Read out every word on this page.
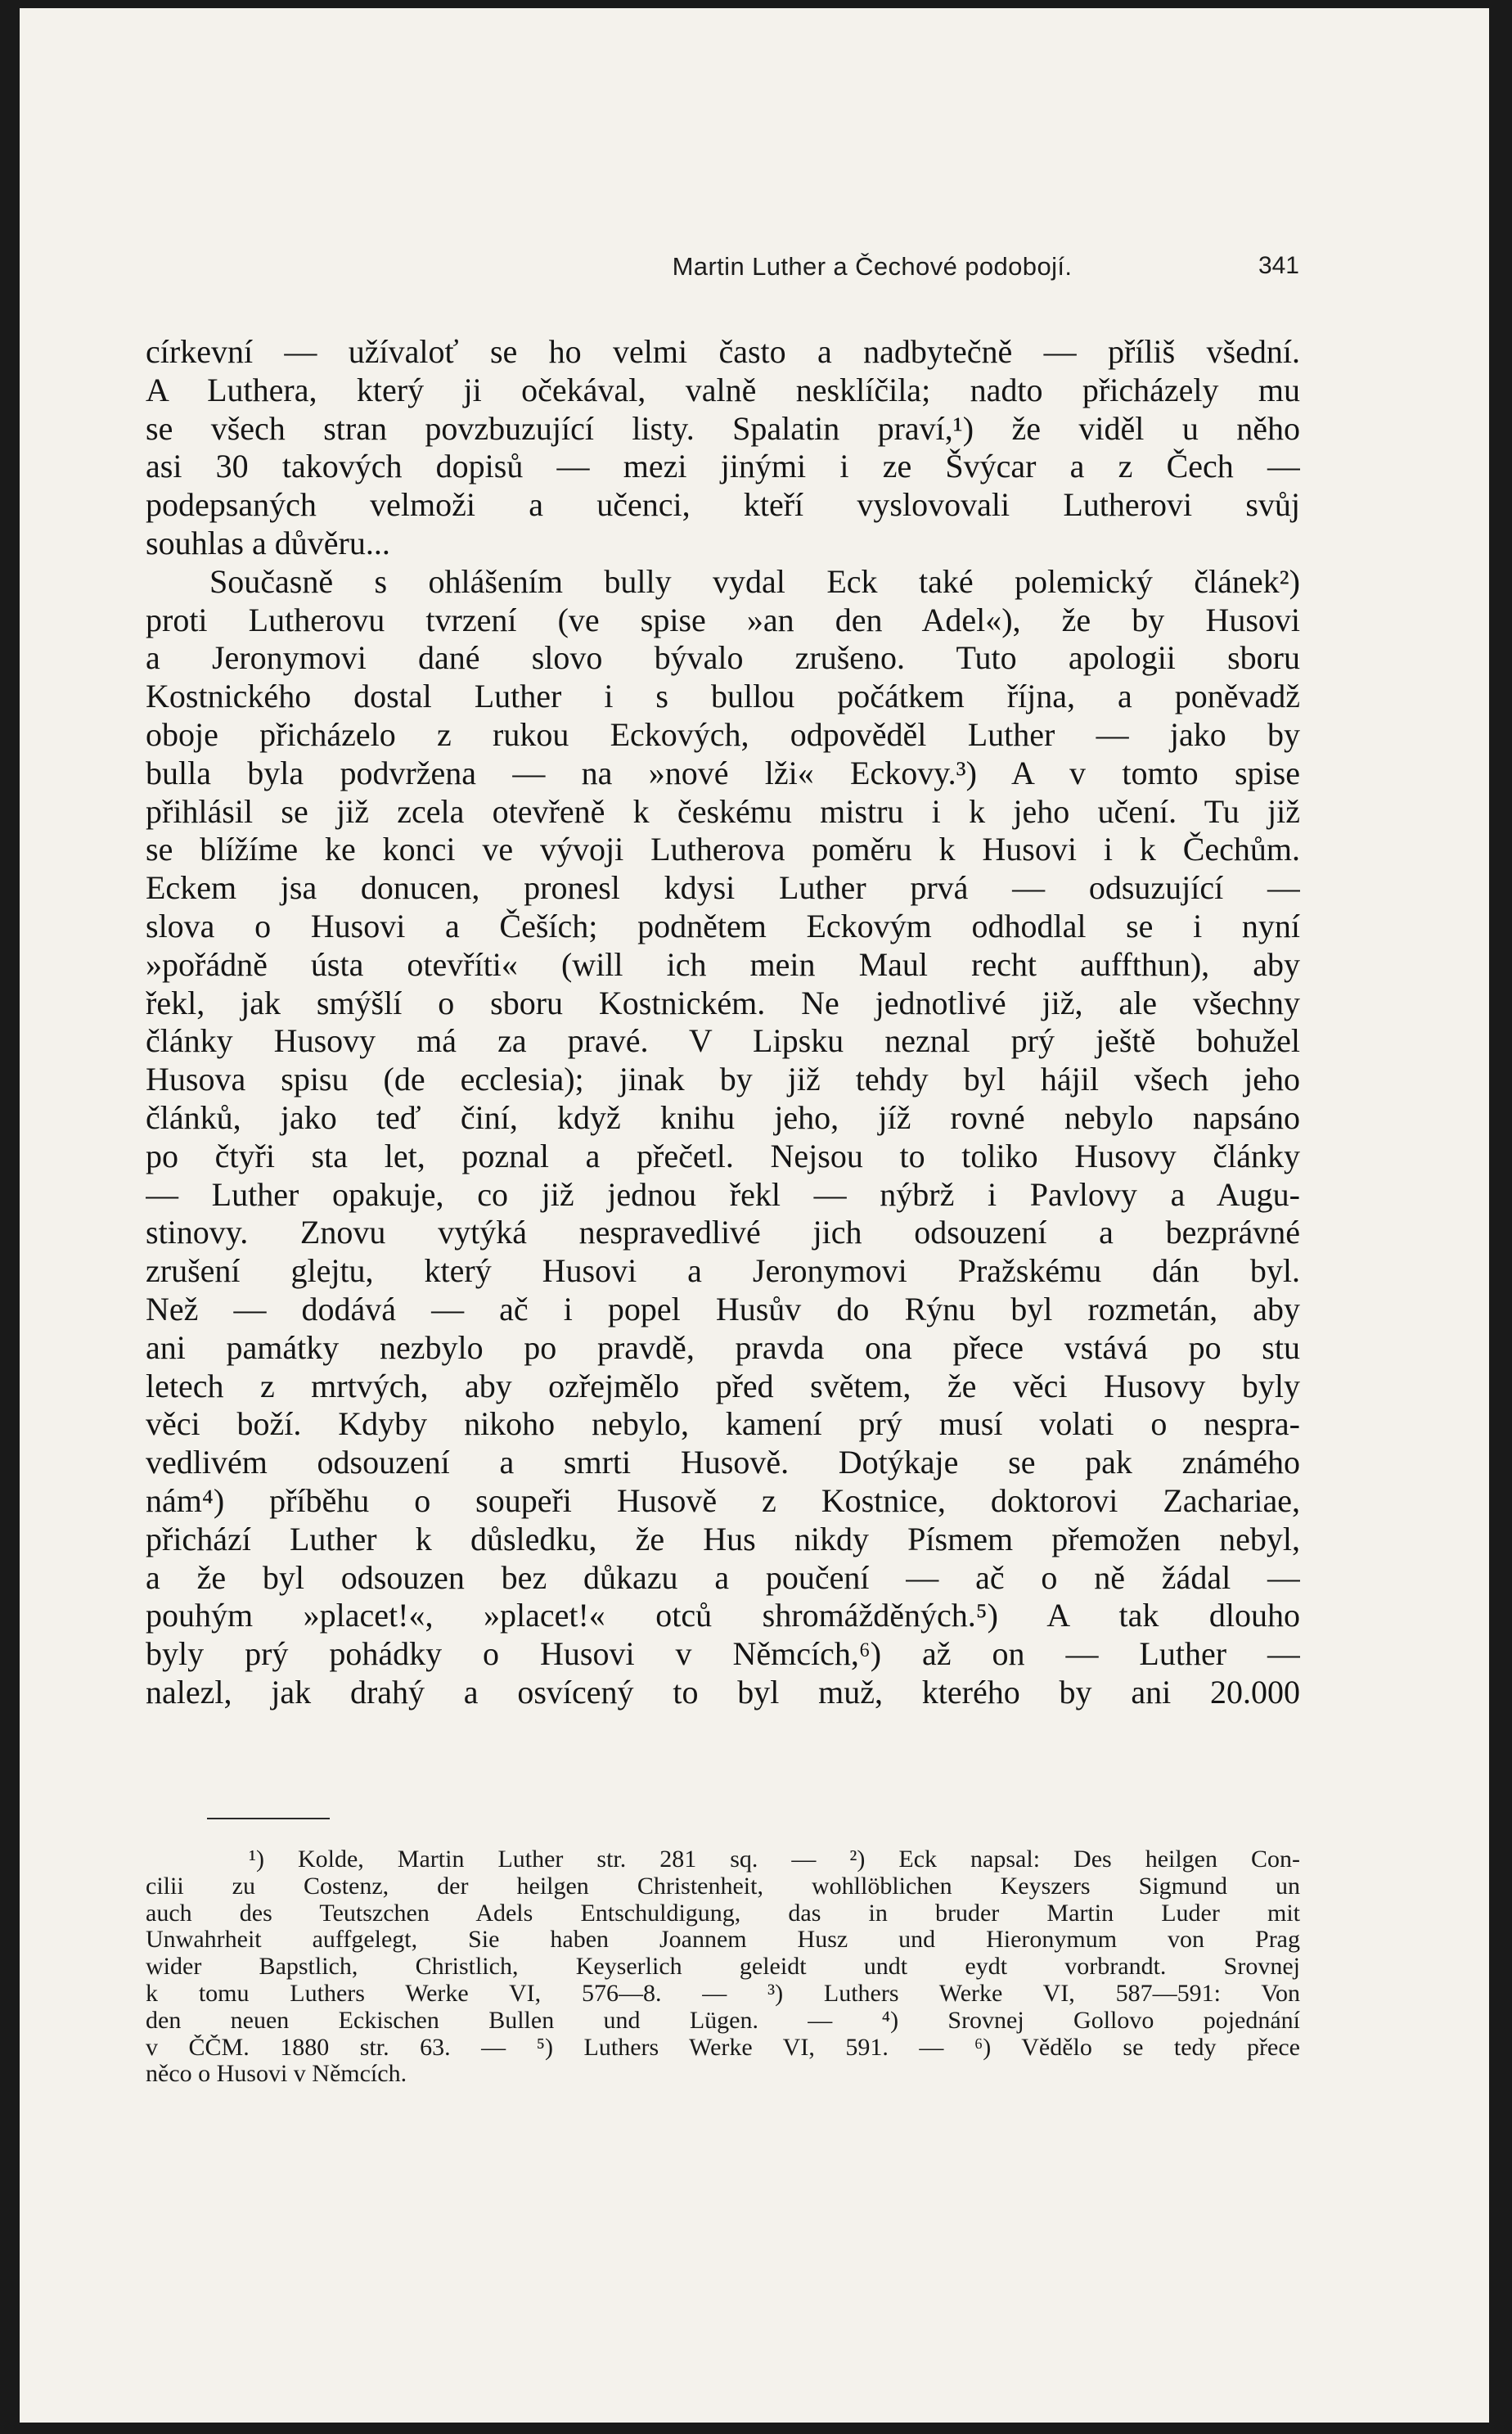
Martin Luther a Čechové podobojí.	341
církevní — užívaloť se ho velmi často a nadbytečně — příliš všední.
A Luthera, který ji očekával, valně nesklíčila; nadto přicházely mu
se všech stran povzbuzující listy. Spalatin praví,¹) že viděl u něho
asi 30 takových dopisů — mezi jinými i ze Švýcar a z Čech —
podepsaných velmoži a učenci, kteří vyslovovali Lutherovi svůj
souhlas a důvěru...
Současně s ohlášením bully vydal Eck také polemický článek²)
proti Lutherovu tvrzení (ve spise »an den Adel«), že by Husovi
a Jeronymovi dané slovo bývalo zrušeno. Tuto apologii sboru
Kostnického dostal Luther i s bullou počátkem října, a poněvadž
oboje přicházelo z rukou Eckových, odpověděl Luther — jako by
bulla byla podvržena — na »nové lži« Eckovy.³) A v tomto spise
přihlásil se již zcela otevřeně k českému mistru i k jeho učení. Tu již
se blížíme ke konci ve vývoji Lutherova poměru k Husovi i k Čechům.
Eckem jsa donucen, pronesl kdysi Luther prvá — odsuzující —
slova o Husovi a Češích; podnětem Eckovým odhodlal se i nyní
»pořádně ústa otevříti« (will ich mein Maul recht auffthun), aby
řekl, jak smýšlí o sboru Kostnickém. Ne jednotlivé již, ale všechny
články Husovy má za pravé. V Lipsku neznal prý ještě bohužel
Husova spisu (de ecclesia); jinak by již tehdy byl hájil všech jeho
článků, jako teď činí, když knihu jeho, jíž rovné nebylo napsáno
po čtyři sta let, poznal a přečetl. Nejsou to toliko Husovy články
— Luther opakuje, co již jednou řekl — nýbrž i Pavlovy a Augu-
stinovy. Znovu vytýká nespravedlivé jich odsouzení a bezprávné
zrušení glejtu, který Husovi a Jeronymovi Pražskému dán byl.
Než — dodává — ač i popel Husův do Rýnu byl rozmetán, aby
ani památky nezbylo po pravdě, pravda ona přece vstává po stu
letech z mrtvých, aby ozřejmělo před světem, že věci Husovy byly
věci boží. Kdyby nikoho nebylo, kamení prý musí volati o nespra-
vedlivém odsouzení a smrti Husově. Dotýkaje se pak známého
nám⁴) příběhu o soupeři Husově z Kostnice, doktorovi Zachariae,
přichází Luther k důsledku, že Hus nikdy Písmem přemožen nebyl,
a že byl odsouzen bez důkazu a poučení — ač o ně žádal —
pouhým »placet!«, »placet!« otců shromážděných.⁵) A tak dlouho
byly prý pohádky o Husovi v Němcích,⁶) až on — Luther —
nalezl, jak drahý a osvícený to byl muž, kterého by ani 20.000
¹) Kolde, Martin Luther str. 281 sq. — ²) Eck napsal: Des heilgen Con-
cilii zu Costenz, der heilgen Christenheit, wohllöblichen Keyszers Sigmund un
auch des Teutszchen Adels Entschuldigung, das in bruder Martin Luder mit
Unwahrheit auffgelegt, Sie haben Joannem Husz und Hieronymum von Prag
wider Bapstlich, Christlich, Keyserlich geleidt undt eydt vorbrandt. Srovnej
k tomu Luthers Werke VI, 576—8. — ³) Luthers Werke VI, 587—591: Von
den neuen Eckischen Bullen und Lügen. — ⁴) Srovnej Gollovo pojednání
v ČČM. 1880 str. 63. — ⁵) Luthers Werke VI, 591. — ⁶) Vědělo se tedy přece
něco o Husovi v Němcích.
